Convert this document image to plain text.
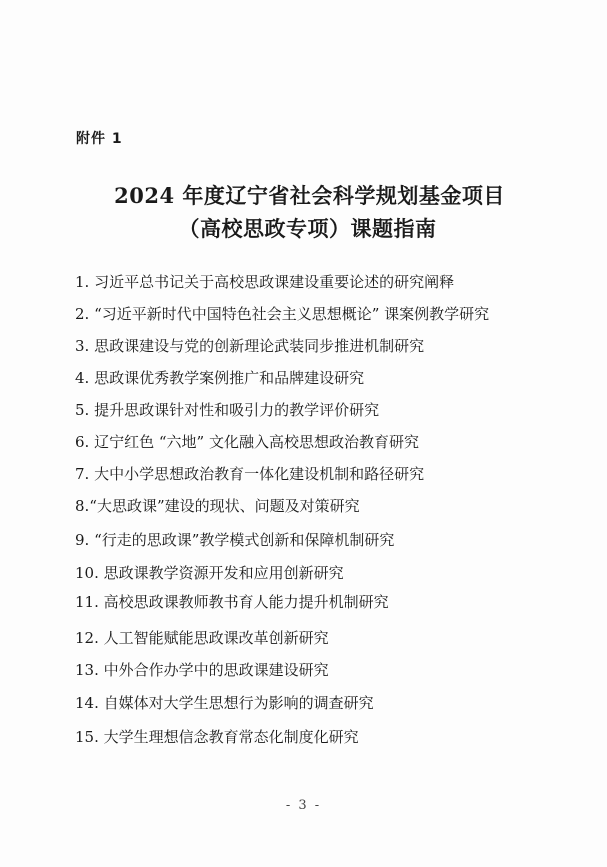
附件 1
2024 年度辽宁省社会科学规划基金项目
（高校思政专项）课题指南
1. 习近平总书记关于高校思政课建设重要论述的研究阐释
2. “习近平新时代中国特色社会主义思想概论” 课案例教学研究
3. 思政课建设与党的创新理论武装同步推进机制研究
4. 思政课优秀教学案例推广和品牌建设研究
5. 提升思政课针对性和吸引力的教学评价研究
6. 辽宁红色 “六地” 文化融入高校思想政治教育研究
7. 大中小学思想政治教育一体化建设机制和路径研究
8.“大思政课”建设的现状、问题及对策研究
9. “行走的思政课”教学模式创新和保障机制研究
10. 思政课教学资源开发和应用创新研究
11. 高校思政课教师教书育人能力提升机制研究
12. 人工智能赋能思政课改革创新研究
13. 中外合作办学中的思政课建设研究
14. 自媒体对大学生思想行为影响的调查研究
15. 大学生理想信念教育常态化制度化研究
- 3 -
